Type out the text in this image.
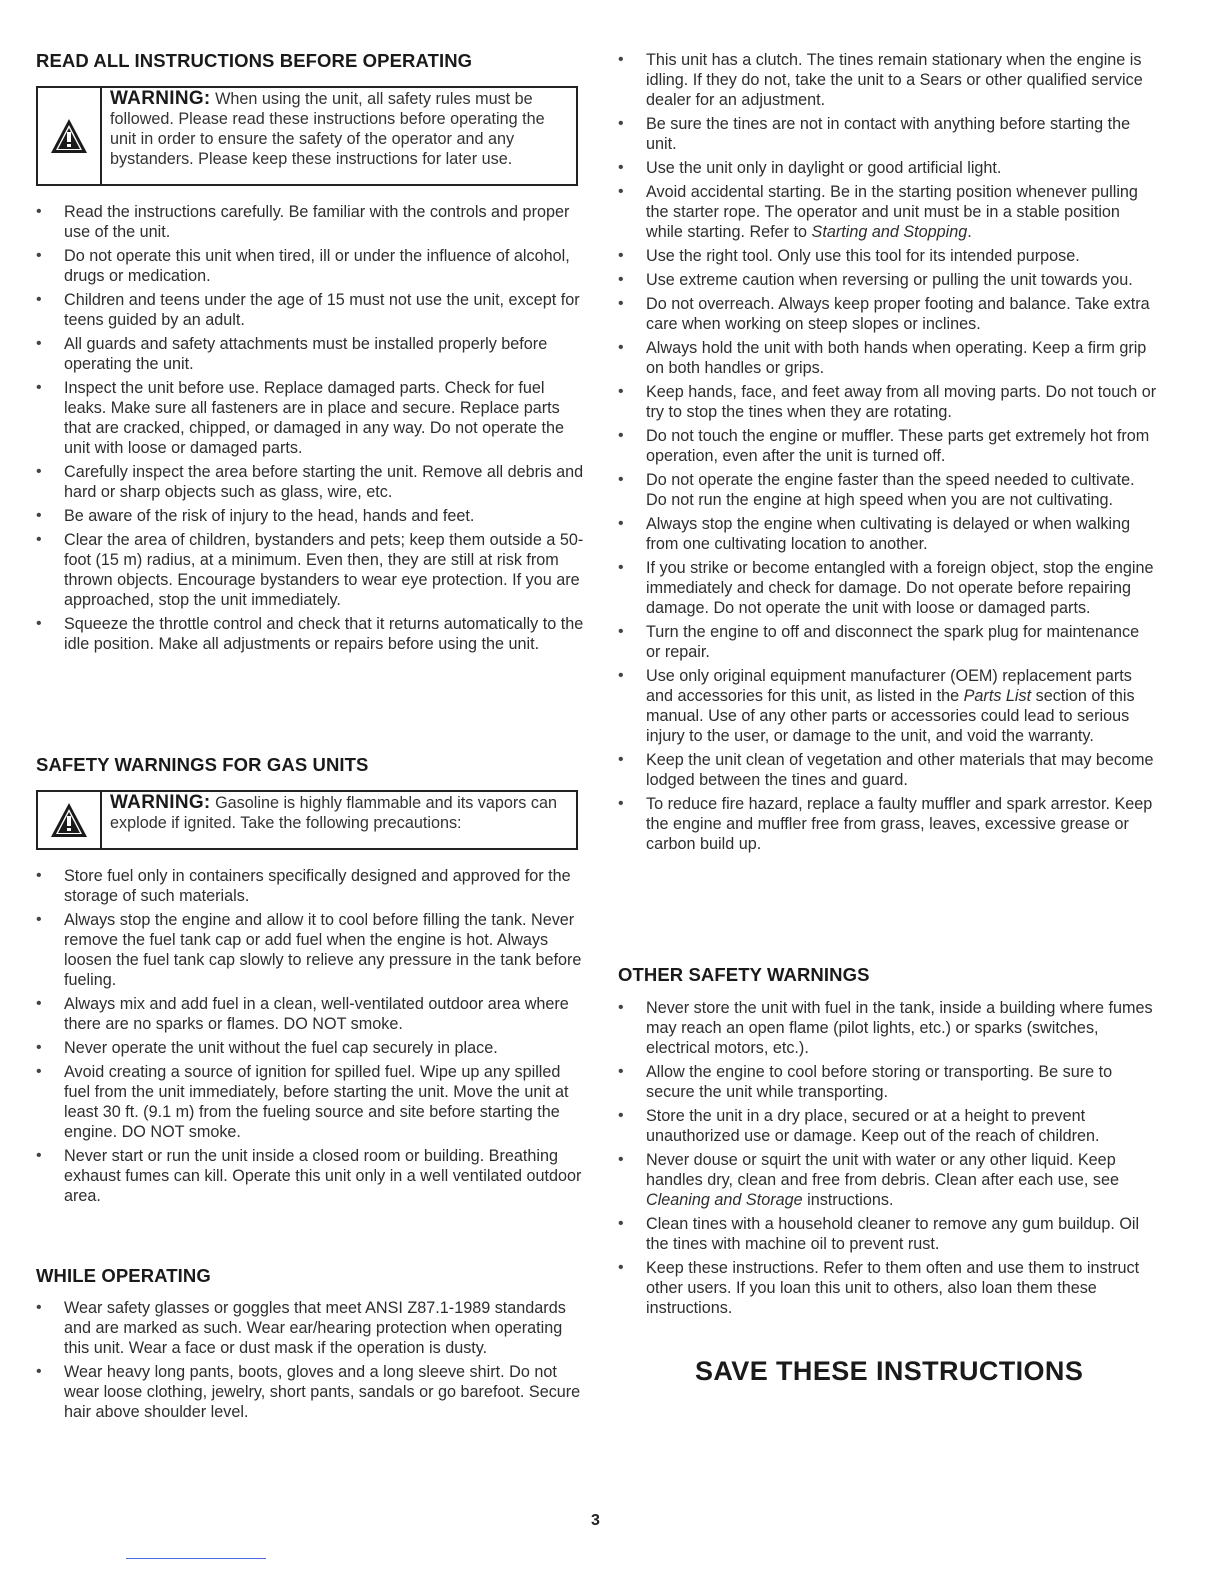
READ ALL INSTRUCTIONS BEFORE OPERATING
WARNING: When using the unit, all safety rules must be followed. Please read these instructions before operating the unit in order to ensure the safety of the operator and any bystanders. Please keep these instructions for later use.
• Read the instructions carefully. Be familiar with the controls and proper use of the unit.
• Do not operate this unit when tired, ill or under the influence of alcohol, drugs or medication.
• Children and teens under the age of 15 must not use the unit, except for teens guided by an adult.
• All guards and safety attachments must be installed properly before operating the unit.
• Inspect the unit before use. Replace damaged parts. Check for fuel leaks. Make sure all fasteners are in place and secure. Replace parts that are cracked, chipped, or damaged in any way. Do not operate the unit with loose or damaged parts.
• Carefully inspect the area before starting the unit. Remove all debris and hard or sharp objects such as glass, wire, etc.
• Be aware of the risk of injury to the head, hands and feet.
• Clear the area of children, bystanders and pets; keep them outside a 50-foot (15 m) radius, at a minimum. Even then, they are still at risk from thrown objects. Encourage bystanders to wear eye protection. If you are approached, stop the unit immediately.
• Squeeze the throttle control and check that it returns automatically to the idle position. Make all adjustments or repairs before using the unit.
SAFETY WARNINGS FOR GAS UNITS
WARNING: Gasoline is highly flammable and its vapors can explode if ignited. Take the following precautions:
• Store fuel only in containers specifically designed and approved for the storage of such materials.
• Always stop the engine and allow it to cool before filling the tank. Never remove the fuel tank cap or add fuel when the engine is hot. Always loosen the fuel tank cap slowly to relieve any pressure in the tank before fueling.
• Always mix and add fuel in a clean, well-ventilated outdoor area where there are no sparks or flames. DO NOT smoke.
• Never operate the unit without the fuel cap securely in place.
• Avoid creating a source of ignition for spilled fuel. Wipe up any spilled fuel from the unit immediately, before starting the unit. Move the unit at least 30 ft. (9.1 m) from the fueling source and site before starting the engine. DO NOT smoke.
• Never start or run the unit inside a closed room or building. Breathing exhaust fumes can kill. Operate this unit only in a well ventilated outdoor area.
WHILE OPERATING
• Wear safety glasses or goggles that meet ANSI Z87.1-1989 standards and are marked as such. Wear ear/hearing protection when operating this unit. Wear a face or dust mask if the operation is dusty.
• Wear heavy long pants, boots, gloves and a long sleeve shirt. Do not wear loose clothing, jewelry, short pants, sandals or go barefoot. Secure hair above shoulder level.
• This unit has a clutch. The tines remain stationary when the engine is idling. If they do not, take the unit to a Sears or other qualified service dealer for an adjustment.
• Be sure the tines are not in contact with anything before starting the unit.
• Use the unit only in daylight or good artificial light.
• Avoid accidental starting. Be in the starting position whenever pulling the starter rope. The operator and unit must be in a stable position while starting. Refer to Starting and Stopping.
• Use the right tool. Only use this tool for its intended purpose.
• Use extreme caution when reversing or pulling the unit towards you.
• Do not overreach. Always keep proper footing and balance. Take extra care when working on steep slopes or inclines.
• Always hold the unit with both hands when operating. Keep a firm grip on both handles or grips.
• Keep hands, face, and feet away from all moving parts. Do not touch or try to stop the tines when they are rotating.
• Do not touch the engine or muffler. These parts get extremely hot from operation, even after the unit is turned off.
• Do not operate the engine faster than the speed needed to cultivate. Do not run the engine at high speed when you are not cultivating.
• Always stop the engine when cultivating is delayed or when walking from one cultivating location to another.
• If you strike or become entangled with a foreign object, stop the engine immediately and check for damage. Do not operate before repairing damage. Do not operate the unit with loose or damaged parts.
• Turn the engine to off and disconnect the spark plug for maintenance or repair.
• Use only original equipment manufacturer (OEM) replacement parts and accessories for this unit, as listed in the Parts List section of this manual. Use of any other parts or accessories could lead to serious injury to the user, or damage to the unit, and void the warranty.
• Keep the unit clean of vegetation and other materials that may become lodged between the tines and guard.
• To reduce fire hazard, replace a faulty muffler and spark arrestor. Keep the engine and muffler free from grass, leaves, excessive grease or carbon build up.
OTHER SAFETY WARNINGS
• Never store the unit with fuel in the tank, inside a building where fumes may reach an open flame (pilot lights, etc.) or sparks (switches, electrical motors, etc.).
• Allow the engine to cool before storing or transporting. Be sure to secure the unit while transporting.
• Store the unit in a dry place, secured or at a height to prevent unauthorized use or damage. Keep out of the reach of children.
• Never douse or squirt the unit with water or any other liquid. Keep handles dry, clean and free from debris. Clean after each use, see Cleaning and Storage instructions.
• Clean tines with a household cleaner to remove any gum buildup. Oil the tines with machine oil to prevent rust.
• Keep these instructions. Refer to them often and use them to instruct other users. If you loan this unit to others, also loan them these instructions.
SAVE THESE INSTRUCTIONS
3
